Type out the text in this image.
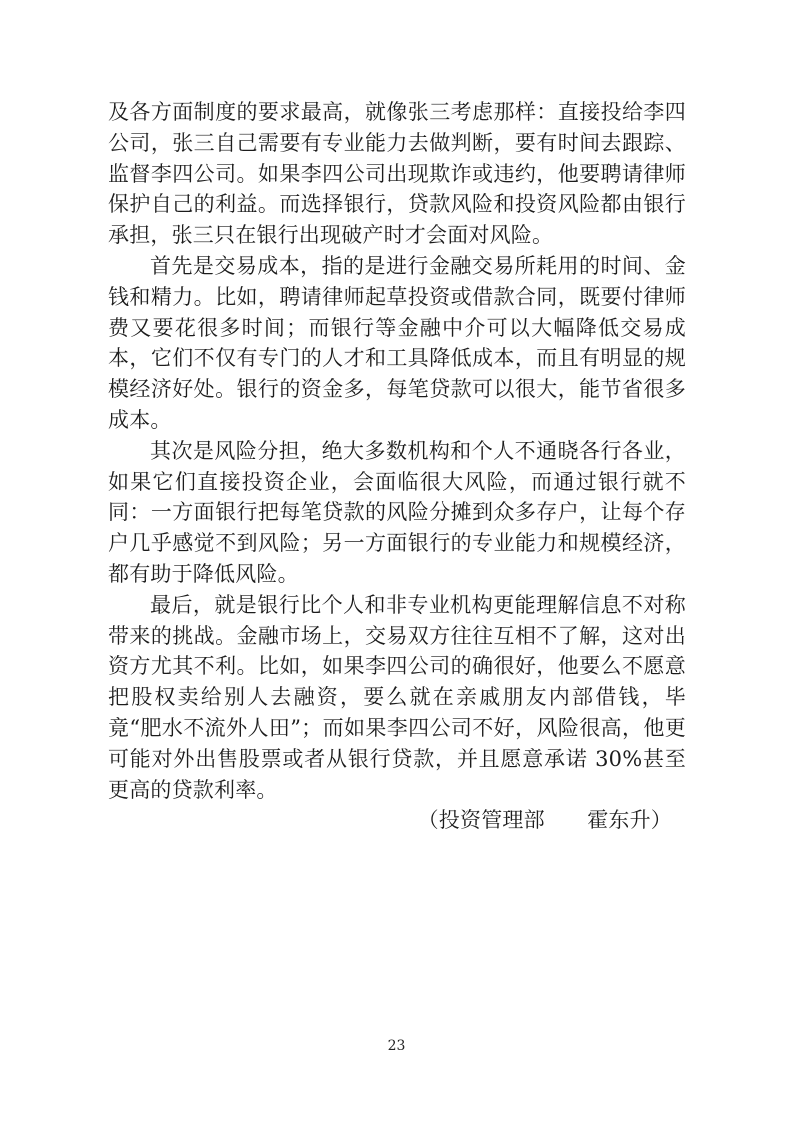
及各方面制度的要求最高，就像张三考虑那样：直接投给李四公司，张三自己需要有专业能力去做判断，要有时间去跟踪、监督李四公司。如果李四公司出现欺诈或违约，他要聘请律师保护自己的利益。而选择银行，贷款风险和投资风险都由银行承担，张三只在银行出现破产时才会面对风险。

首先是交易成本，指的是进行金融交易所耗用的时间、金钱和精力。比如，聘请律师起草投资或借款合同，既要付律师费又要花很多时间；而银行等金融中介可以大幅降低交易成本，它们不仅有专门的人才和工具降低成本，而且有明显的规模经济好处。银行的资金多，每笔贷款可以很大，能节省很多成本。

其次是风险分担，绝大多数机构和个人不通晓各行各业，如果它们直接投资企业，会面临很大风险，而通过银行就不同：一方面银行把每笔贷款的风险分摊到众多存户，让每个存户几乎感觉不到风险；另一方面银行的专业能力和规模经济，都有助于降低风险。

最后，就是银行比个人和非专业机构更能理解信息不对称带来的挑战。金融市场上，交易双方往往互相不了解，这对出资方尤其不利。比如，如果李四公司的确很好，他要么不愿意把股权卖给别人去融资，要么就在亲戚朋友内部借钱，毕竟“肥水不流外人田”；而如果李四公司不好，风险很高，他更可能对外出售股票或者从银行贷款，并且愿意承诺 30%甚至更高的贷款利率。

（投资管理部　　霍东升）

23
